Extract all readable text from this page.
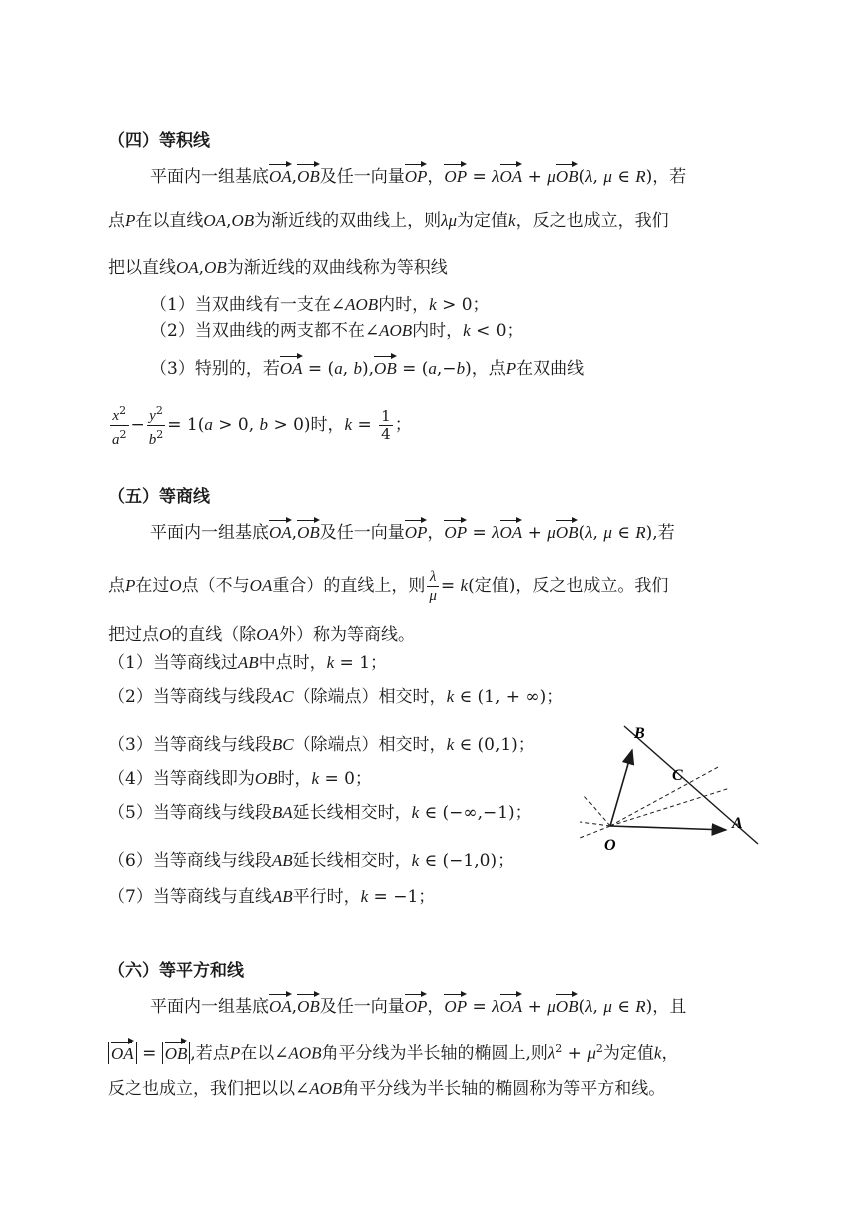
（四）等积线
平面内一组基底OA,OB及任一向量OP，OP = λOA + μOB(λ, μ ∈ R)，若
点P在以直线OA,OB为渐近线的双曲线上，则λμ为定值k，反之也成立，我们
把以直线OA,OB为渐近线的双曲线称为等积线
（1）当双曲线有一支在∠AOB内时，k > 0；
（2）当双曲线的两支都不在∠AOB内时，k < 0；
（3）特别的，若OA = (a, b),OB = (a,−b)，点P在双曲线
$\frac{x^2}{a^2} - \frac{y^2}{b^2} = 1(a > 0$, b > 0)时，$k = \frac{1}{4}$ ；
（五）等商线
平面内一组基底OA,OB及任一向量OP，OP = λOA + μOB(λ, μ ∈ R),若
点P在过O点（不与OA重合）的直线上，则 $\frac{\lambda}{\mu} = k$(定值)，反之也成立。我们
把过点O的直线（除OA外）称为等商线。
（1）当等商线过AB中点时，k = 1；
（2）当等商线与线段AC（除端点）相交时，k ∈ (1, + ∞)；
（3）当等商线与线段BC（除端点）相交时，k ∈ (0,1)；
（4）当等商线即为OB时，k = 0；
（5）当等商线与线段BA延长线相交时，k ∈ (−∞,−1)；
（6）当等商线与线段AB延长线相交时，k ∈ (−1,0)；
（7）当等商线与直线AB平行时，k = −1；
B
C
A
O
（六）等平方和线
平面内一组基底OA,OB及任一向量OP，OP = λOA + μOB(λ, μ ∈ R)，且
OA = OB ,若点P在以∠AOB角平分线为半长轴的椭圆上,则$\lambda^2 + \mu^2$为定值k，
反之也成立，我们把以以∠AOB角平分线为半长轴的椭圆称为等平方和线。
